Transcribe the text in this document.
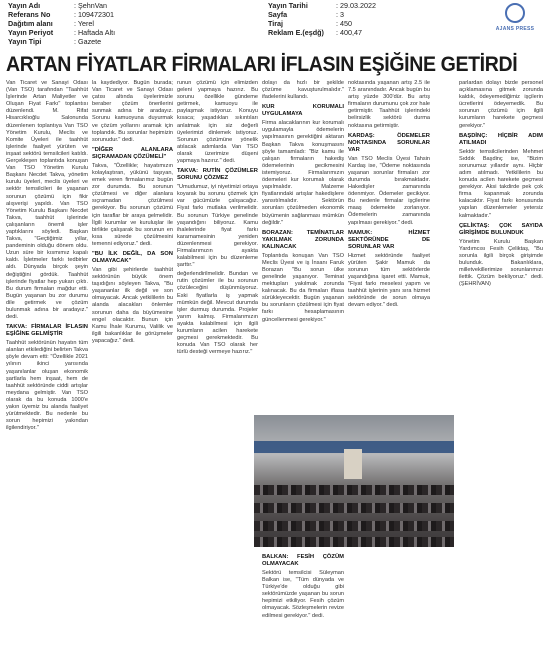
Yayın Adı	: ŞehnVan
Referans No	: 109472301
Dağıtım alanı	: Yerel
Yayın Periyot	: Haftada Altı
Yayın Tipi	: Gazete
Yayın Tarihi	: 29.03.2022
Sayfa	: 3
Tiraj	: 450
Reklam E.(eşdğ) : 400,47	AJANS PRESS
ARTAN FİYATLAR FİRMALARI İFLASIN EŞİĞİNE GETİRDİ

Van Ticaret ve Sanayi Odası (Van TSO) tarafından "Taahhüt İşlerinde Artan Maliyetler ve Oluşan Fiyat Farkı" toplantısı düzenlendi. M. Rifat Hisarcıklıoğlu Salonunda düzenlenen toplantıya Van TSO Yönetim Kurulu, Meclis ve Komite Üyeleri ile taahhüt işlerinde faaliyet yürüten ve inşaat sektörü temsilcileri katıldı. Gerçekleşen toplantıda konuşan Van TSO Yönetim Kurulu Başkanı Necdet Takva, yönetim kurulu üyeleri, meclis üyeleri ve sektör temsilcileri ile yaşanan sorunun çözümü için fikir alışverişi yapıldı. Van TSO Yönetim Kurulu Başkanı Necdet Takva, taahhüt işlerinde çalışanların önemli işler yaptıklarını söyledi. Başkan Takva, "Geçtiğimiz yıllar, pandeminin olduğu dönem oldu. Uzun süre bir kısmımız kapalı kaldı. İşletmeler farklı tedbirler aldı. Dünyada birçok şeyin değiştiğini gördük. Taahhüt işlerinde fiyatlar hep yukarı çıktı. Bu durum firmaları mağdur etti. Bugün yaşanan bu zor durumu dile getirmek ve çözüm bulunmak adına bir aradayız." dedi.

TAKVA: FİRMALAR İFLASIN EŞİĞİNE GELMİŞTİR

Taahhüt sektörünün hayatın tüm alanları etkilediğini belirten Takva şöyle devam etti: "Özellikle 2021 yılının ikinci yarısında yaşanılanlar oluşan ekonomik şartlarla hem inşaat, hem de taahhüt sektöründe ciddi artışlar meydana gelmiştir. Van TSO olarak da bu konuda 1000'e yakın üyemiz bu alanda faaliyet yürütmektedir. Bu nedenle bu sorun hepimizi yakından ilgilendiriyor."

la kaydediyor. Bugün burada; Van Ticaret ve Sanayi Odası çatısı altında üyelerimizle beraber çözüm önerilerini sunmak adına bir aradayız. Sorunu kamuoyuna duyurmak ve çözüm yollarını aramak için toplandık. Bu sorunlar hepimizin sorunudur." dedi.

"DİĞER ALANLARA SIÇRAMADAN ÇÖZÜMELİ"

Takva, "Özellikle; hayatımızın kolaylaştıran, yükünü taşıyan, emek veren firmalarımız bugün zor durumda. Bu sorunun çözülmesi ve diğer alanlara sıçramadan çözülmesi gerekiyor. Bu sorunun çözümü için taraflar bir araya gelmelidir. İlgili kurumlar ve kuruluşlar ile birlikte çalışarak bu sorunun en kısa sürede çözülmesini temenni ediyoruz." dedi.

"BU İLK DEĞİL, DA SON OLMAYACAK"

Van gibi şehirlerde taahhüt sektörünün büyük önem taşıdığını söyleyen Takva, "Bu yaşananlar ilk değil ve son olmayacak. Ancak yetkililerin bu alanda alacakları önlemler sorunun daha da büyümesine engel olacaktır. Bunun için Kamu İhale Kurumu, Valilik ve ilgili bakanlıklar ile görüşmeler yapacağız." dedi.

runun çözümü için elimizden geleni yapmaya hazırız. Bu sorunu özellikle gündeme getirmek, kamuoyu ile paylaşmak istiyoruz. Konuyu kısaca; yaşadıkları sıkıntıları anlatmak için siz değerli üyelerimizi dinlemek istiyoruz. Sorunun çözümüne yönelik atılacak adımlarda Van TSO olarak üzerimize düşeni yapmaya hazırız." dedi.

TAKVA: RUTİN ÇÖZÜMLER SORUNU ÇÖZMEZ

"Umudumuz, iyi niyetimizi ortaya koyarak bu sorunu çözmek için var gücümüzle çalışacağız. Fiyat farkı mutlaka verilmelidir. Bu sorunun Türkiye genelinde yaşandığını biliyoruz. Kamu ihalelerinde fiyat farkı kararnamesinin yeniden düzenlenmesi gerekiyor. Firmalarımızın ayakta kalabilmesi için bu düzenleme şarttır."

değerlendirilmelidir. Bundan ve rutin çözümler ile bu sorunun çözüleceğini düşünmüyoruz. Eski fiyatlarla iş yapmak mümkün değil. Mevcut durumda işler durmuş durumda. Projeler yarım kalmış. Firmalarımızın ayakta kalabilmesi için ilgili kurumların acilen harekete geçmesi gerekmektedir. Bu konuda Van TSO olarak her türlü desteği vermeye hazırız."

dolayı da hızlı bir şekilde çözüme kavuşturulmalıdır." ifadelerini kullandı.

KUR KORUMALI UYGULAMAYA

Firma alacaklarının kur korumalı uygulamayla ödemelerin yapılmasının gerektiğini aktaran Başkan Takva konuşmasını şöyle tamamladı: "Biz kamu ile çalışan firmaların hakediş ödemelerinin gecikmesini istemiyoruz. Firmalarımızın ödemeleri kur korumalı olarak yapılmalıdır. Malzeme fiyatlarındaki artışlar hakedişlere yansıtılmalıdır. Sektörün sorunları çözülmeden ekonomik büyümenin sağlanması mümkün değildir."

BORAZAN: TEMİNATLAR YAKILMAK ZORUNDA KALINACAK

Toplantıda konuşan Van TSO Meclis Üyesi ve iş İnsanı Faruk Borazan "Bu sorun ülke genelinde yaşanıyor. Teminat mektupları yakılmak zorunda kalınacak. Bu da firmaları iflasa sürükleyecektir. Bugün yaşanan bu sorunların çözülmesi için fiyat farkı hesaplamasının güncellenmesi gerekiyor."

noktasında yaşanan artış 2.5 ile 7.5 aranındadır. Ancak bugün bu artış yüzde 300'dür. Bu artış firmaların durumunu çok zor hale getirmiştir. Taahhüt işlerindeki belirsizlik sektörü durma noktasına getirmiştir.

KARDAŞ: ÖDEMELER NOKTASINDA SORUNLAR VAR

Van TSO Meclis Üyesi Tahsin Kardaş ise, "Ödeme noktasında yaşanan sorunlar firmaları zor durumda bırakmaktadır. Hakedişler zamanında ödenmiyor. Ödemeler gecikiyor. Bu nedenle firmalar işçilerine maaş ödemekte zorlanıyor. Ödemelerin zamanında yapılması gerekiyor." dedi.

MAMUK: HİZMET SEKTÖRÜNDE DE SORUNLAR VAR

Hizmet sektöründe faaliyet yürüten Şakir Mamuk da sorunun tüm sektörlerde yaşandığına işaret etti. Mamuk, "Fiyat farkı meselesi yapım ve taahhüt işlerinin yanı sıra hizmet sektöründe de sorun olmaya devam ediyor." dedi.

BALKAN: FESİH ÇÖZÜM OLMAYACAK

Sektörü temsilcisi Süleyman Balkan ise, "Tüm dünyada ve Türkiye'de olduğu gibi sektörümüzde yaşanan bu sorun hepimizi etkiliyor. Fesih çözüm olmayacak. Sözleşmelerin revize edilmesi gerekiyor." dedi.

parlardan dolayı bizde personel açıklamasına gitmek zorunda kaldık, ödeyemediğimiz işçilerin ücretlerini ödeyemedik. Bu sorunun çözümü için ilgili kurumların harekete geçmesi gerekiyor."

BAŞDİNÇ: HİÇBİR ADIM ATILMADI

Sektör temsilcilerinden Mehmet Sıddık Başdinç ise, "Bizim sorunumuz yıllardır aynı. Hiçbir adım atılmadı. Yetkililerin bu konuda acilen harekete geçmesi gerekiyor. Aksi takdirde pek çok firma kapanmak zorunda kalacaktır. Fiyat farkı konusunda yapılan düzenlemeler yetersiz kalmaktadır."

ÇELİKTAŞ: ÇOK SAYIDA GİRİŞİMDE BULUNDUK

Yönetim Kurulu Başkan Yardımcısı Fesih Çeliktaş, "Bu sorunla ilgili birçok girişimde bulunduk. Bakanlıklara, milletvekillerimize sorunlarımızı ilettik. Çözüm bekliyoruz." dedi. (ŞEHRİVAN)
